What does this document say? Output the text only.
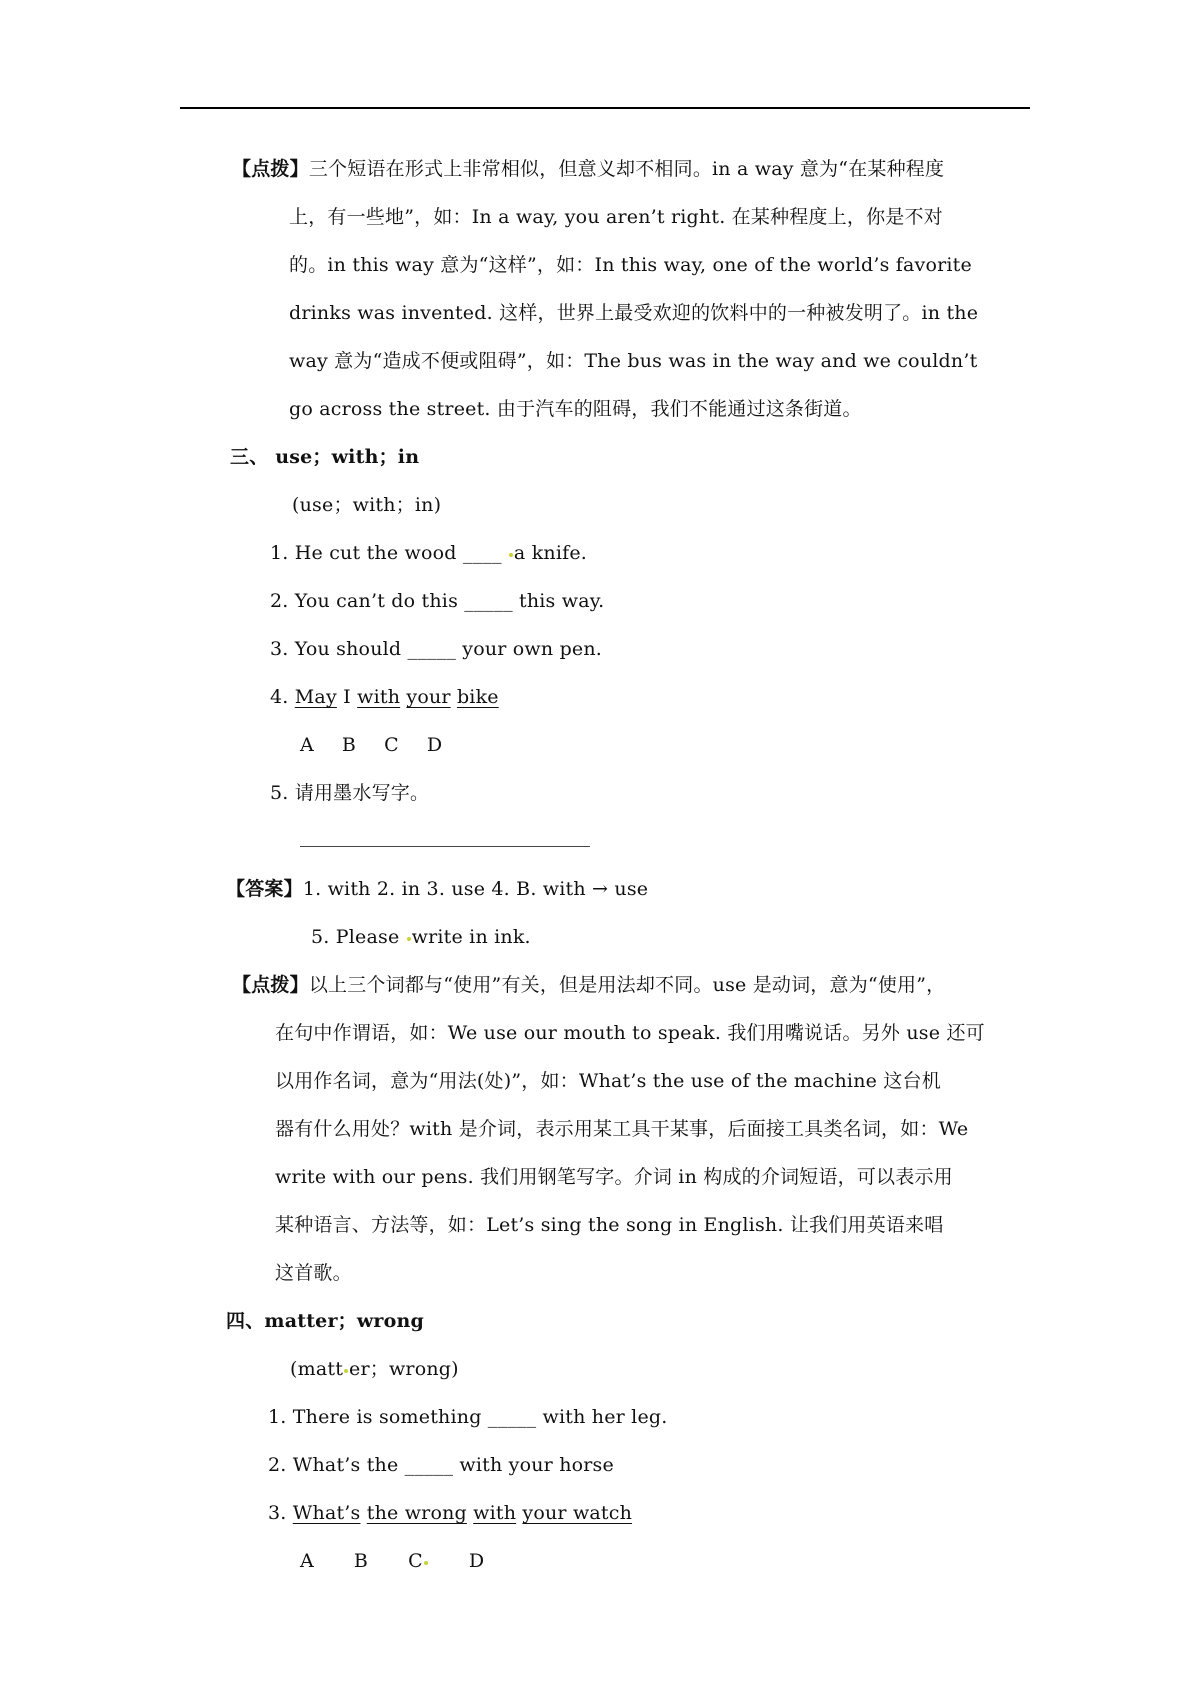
【点拨】三个短语在形式上非常相似，但意义却不相同。in a way 意为“在某种程度
上，有一些地”，如：In a way, you aren’t right. 在某种程度上，你是不对
的。in this way 意为“这样”，如：In this way, one of the world’s favorite
drinks was invented. 这样，世界上最受欢迎的饮料中的一种被发明了。in the
way 意为“造成不便或阻碍”，如：The bus was in the way and we couldn’t
go across the street. 由于汽车的阻碍，我们不能通过这条街道。
三、 use；with；in
(use；with；in)
1. He cut the wood ____ a knife.
2. You can’t do this _____ this way.
3. You should _____ your own pen.
4. May I with your bike
A B C D
5. 请用墨水写字。
【答案】1. with 2. in 3. use 4. B. with → use
5. Please write in ink.
【点拨】以上三个词都与“使用”有关，但是用法却不同。use 是动词，意为“使用”，
在句中作谓语，如：We use our mouth to speak. 我们用嘴说话。另外 use 还可
以用作名词，意为“用法(处)”，如：What’s the use of the machine 这台机
器有什么用处？with 是介词，表示用某工具干某事，后面接工具类名词，如：We
write with our pens. 我们用钢笔写字。介词 in 构成的介词短语，可以表示用
某种语言、方法等，如：Let’s sing the song in English. 让我们用英语来唱
这首歌。
四、matter；wrong
(matt er；wrong)
1. There is something _____ with her leg.
2. What’s the _____ with your horse
3. What’s the wrong with your watch
A B C D
